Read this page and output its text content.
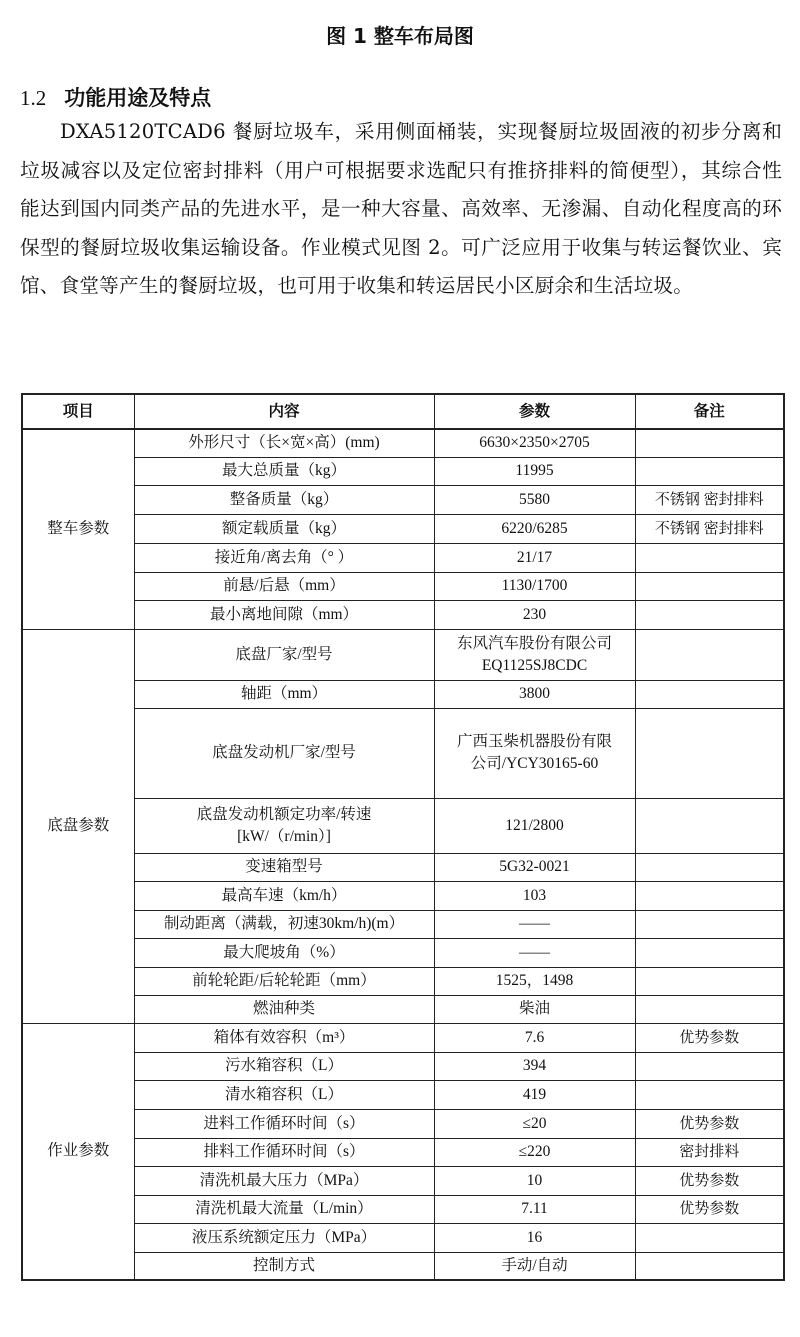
图 1 整车布局图
1.2 功能用途及特点
DXA5120TCAD6 餐厨垃圾车，采用侧面桶装，实现餐厨垃圾固液的初步分离和垃圾减容以及定位密封排料（用户可根据要求选配只有推挤排料的简便型），其综合性能达到国内同类产品的先进水平，是一种大容量、高效率、无渗漏、自动化程度高的环保型的餐厨垃圾收集运输设备。作业模式见图 2。可广泛应用于收集与转运餐饮业、宾馆、食堂等产生的餐厨垃圾，也可用于收集和转运居民小区厨余和生活垃圾。
项目	内容	参数	备注
整车参数	外形尺寸（长×宽×高）(mm)	6630×2350×2705	
	最大总质量（kg）	11995	
	整备质量（kg）	5580	不锈钢 密封排料
	额定载质量（kg）	6220/6285	不锈钢 密封排料
	接近角/离去角（° ）	21/17	
	前悬/后悬（mm）	1130/1700	
	最小离地间隙（mm）	230	
底盘参数	底盘厂家/型号	东风汽车股份有限公司
EQ1125SJ8CDC	
	轴距（mm）	3800	
	底盘发动机厂家/型号	广西玉柴机器股份有限
公司/YCY30165-60	
	底盘发动机额定功率/转速
[kW/（r/min）]	121/2800	
	变速箱型号	5G32-0021	
	最高车速（km/h）	103	
	制动距离（满载，初速30km/h)(m）	——	
	最大爬坡角（%）	——	
	前轮轮距/后轮轮距（mm）	1525，1498	
	燃油种类	柴油	
作业参数	箱体有效容积（m³）	7.6	优势参数
	污水箱容积（L）	394	
	清水箱容积（L）	419	
	进料工作循环时间（s）	≤20	优势参数
	排料工作循环时间（s）	≤220	密封排料
	清洗机最大压力（MPa）	10	优势参数
	清洗机最大流量（L/min）	7.11	优势参数
	液压系统额定压力（MPa）	16	
	控制方式	手动/自动	
